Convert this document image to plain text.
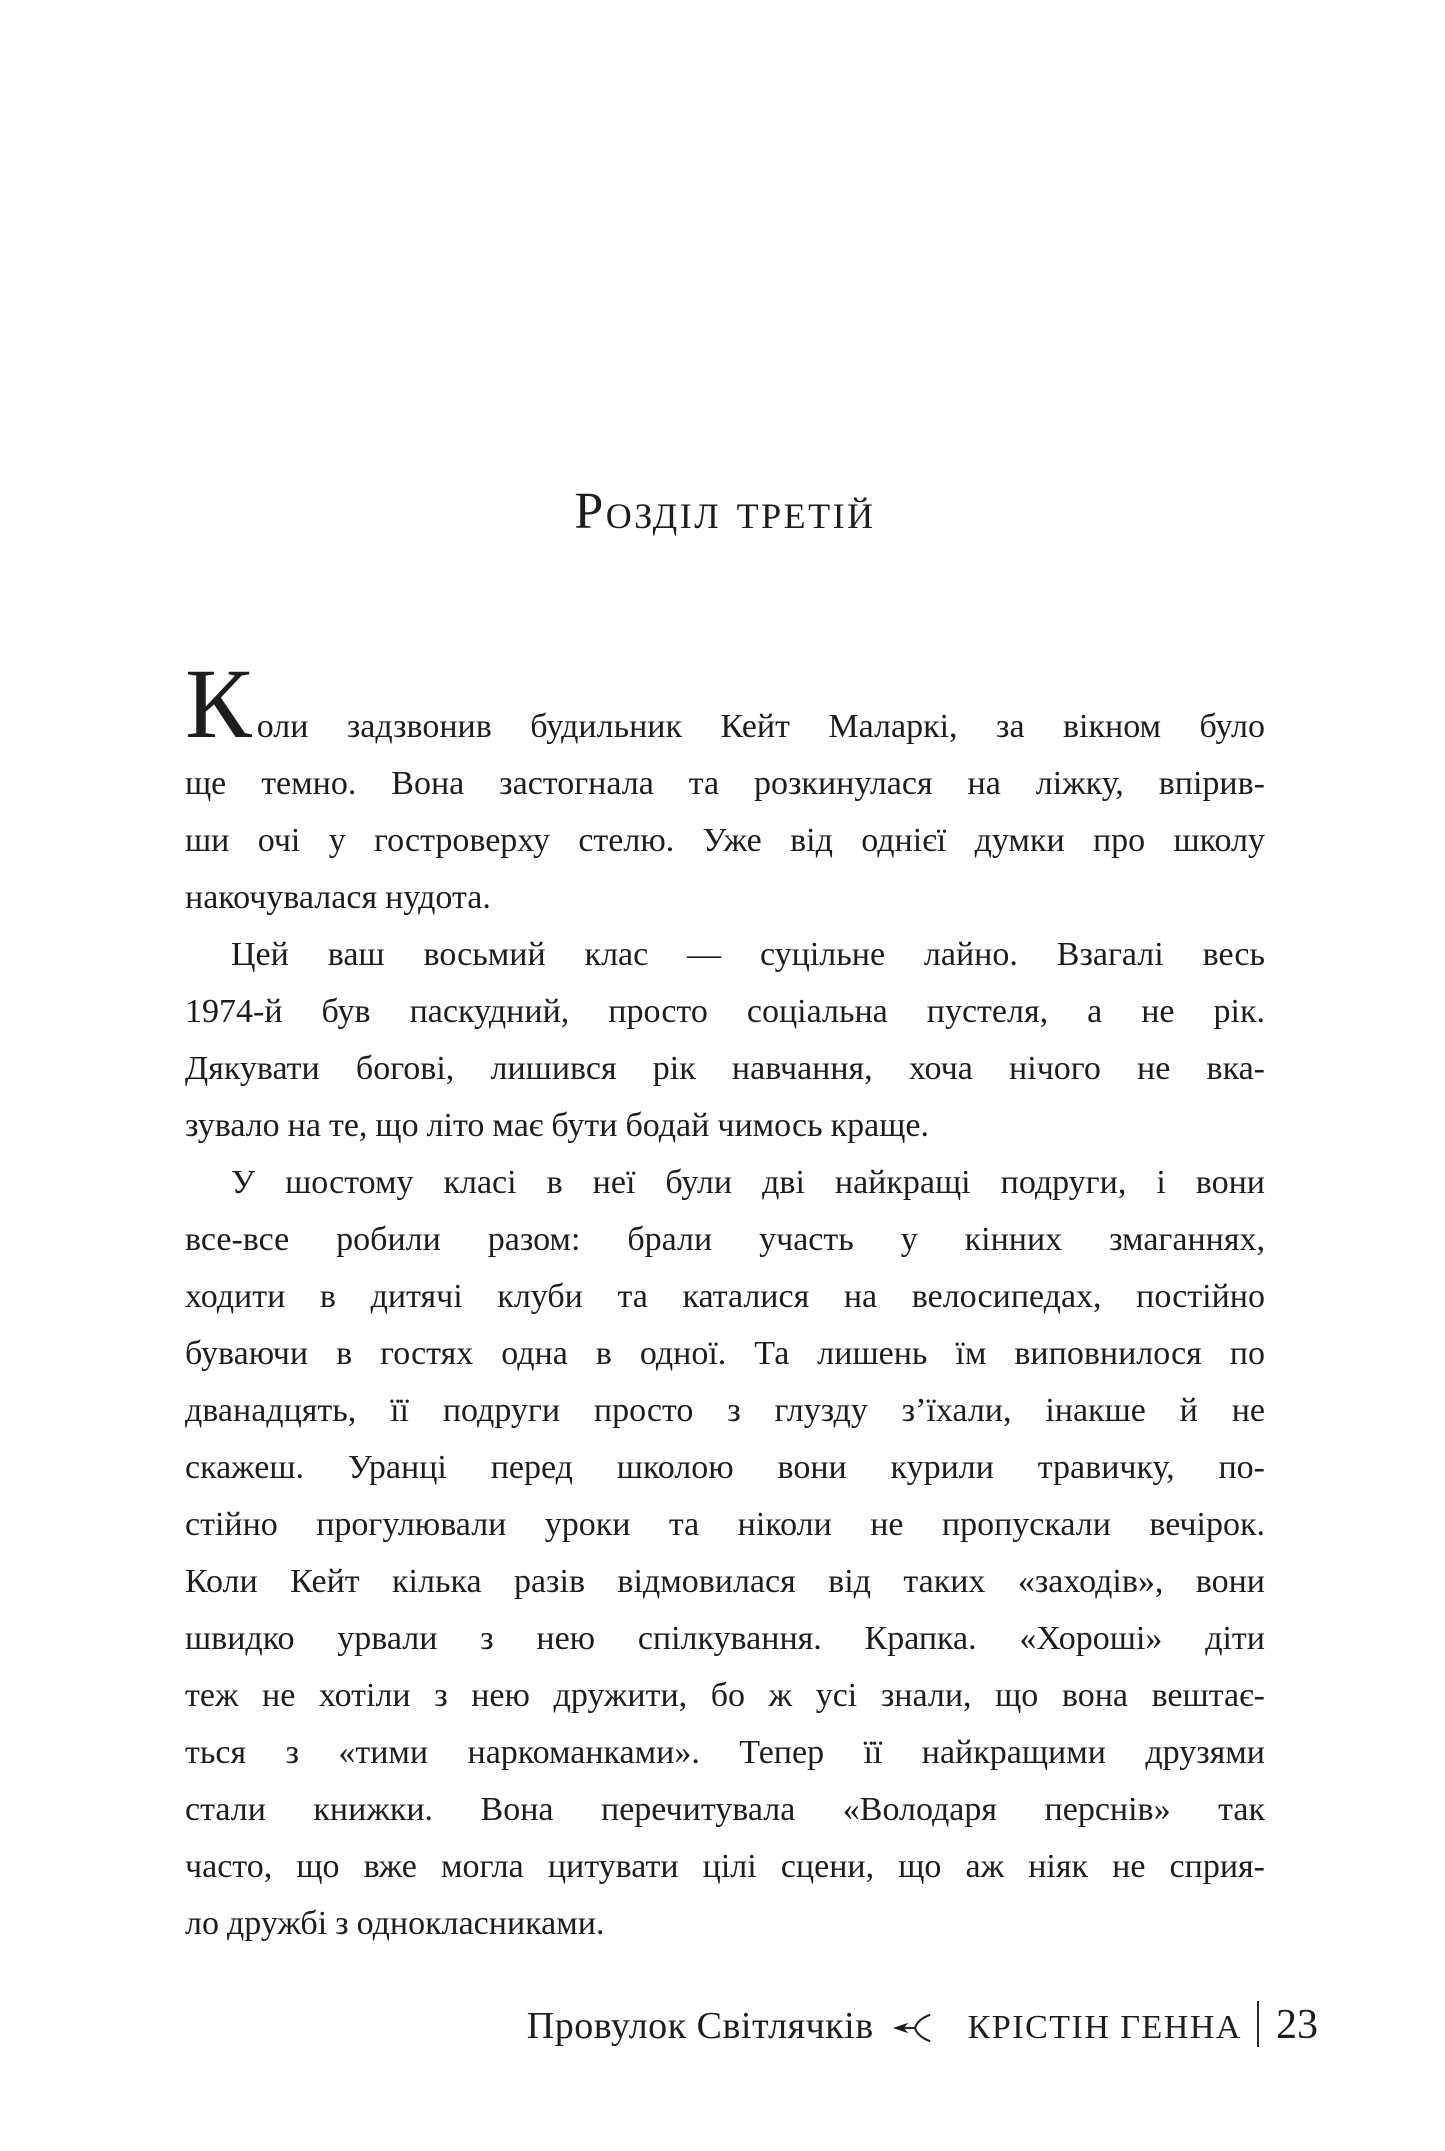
Розділ третій
Коли задзвонив будильник Кейт Маларкі, за вікном було
ще темно. Вона застогнала та розкинулася на ліжку, впірив-
ши очі у гостроверху стелю. Уже від однієї думки про школу
накочувалася нудота.
Цей ваш восьмий клас — суцільне лайно. Взагалі весь
1974-й був паскудний, просто соціальна пустеля, а не рік.
Дякувати богові, лишився рік навчання, хоча нічого не вка-
зувало на те, що літо має бути бодай чимось краще.
У шостому класі в неї були дві найкращі подруги, і вони
все-все робили разом: брали участь у кінних змаганнях,
ходити в дитячі клуби та каталися на велосипедах, постійно
буваючи в гостях одна в одної. Та лишень їм виповнилося по
дванадцять, її подруги просто з глузду з’їхали, інакше й не
скажеш. Уранці перед школою вони курили травичку, по-
стійно прогулювали уроки та ніколи не пропускали вечірок.
Коли Кейт кілька разів відмовилася від таких «заходів», вони
швидко урвали з нею спілкування. Крапка. «Хороші» діти
теж не хотіли з нею дружити, бо ж усі знали, що вона вештає-
ться з «тими наркоманками». Тепер її найкращими друзями
стали книжки. Вона перечитувала «Володаря перснів» так
часто, що вже могла цитувати цілі сцени, що аж ніяк не сприя-
ло дружбі з однокласниками.
Провулок Світлячків	КРІСТІН ГЕННА 23
